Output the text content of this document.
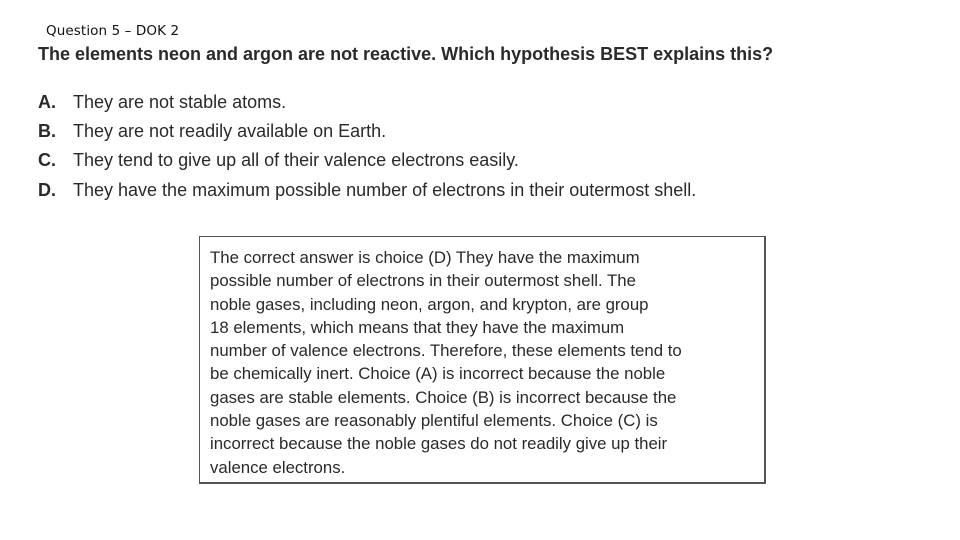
Question 5 – DOK 2
The elements neon and argon are not reactive. Which hypothesis BEST explains this?
A. They are not stable atoms.
B. They are not readily available on Earth.
C. They tend to give up all of their valence electrons easily.
D. They have the maximum possible number of electrons in their outermost shell.

The correct answer is choice (D) They have the maximum
possible number of electrons in their outermost shell. The
noble gases, including neon, argon, and krypton, are group
18 elements, which means that they have the maximum
number of valence electrons. Therefore, these elements tend to
be chemically inert. Choice (A) is incorrect because the noble
gases are stable elements. Choice (B) is incorrect because the
noble gases are reasonably plentiful elements. Choice (C) is
incorrect because the noble gases do not readily give up their
valence electrons.
